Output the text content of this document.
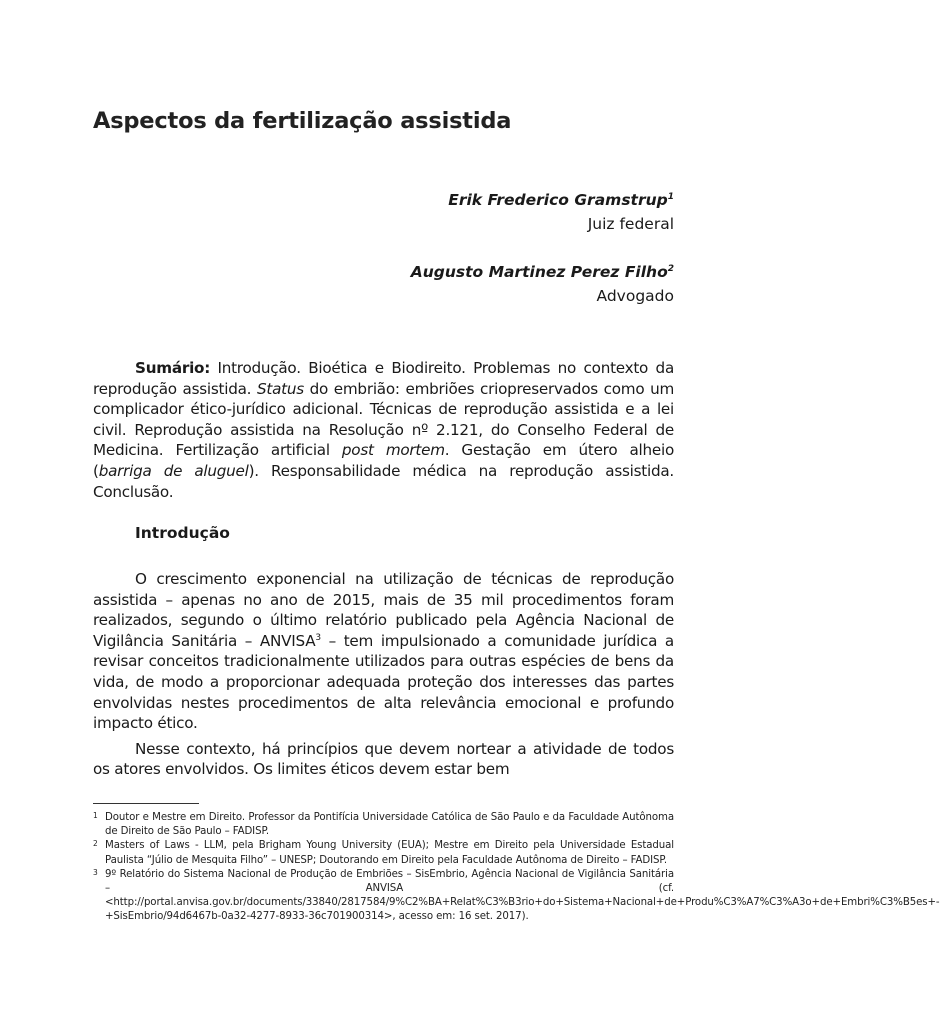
Aspectos da fertilização assistida
Erik Frederico Gramstrup$^1$
Juiz federal
Augusto Martinez Perez Filho$^2$
Advogado

Sumário: Introdução. Bioética e Biodireito. Problemas no contexto da reprodução assistida. Status do embrião: embriões criopreservados como um complicador ético-jurídico adicional. Técnicas de reprodução assistida e a lei civil. Reprodução assistida na Resolução nº 2.121, do Conselho Federal de Medicina. Fertilização artificial post mortem. Gestação em útero alheio (barriga de aluguel). Responsabilidade médica na reprodução assistida. Conclusão.

Introdução

O crescimento exponencial na utilização de técnicas de reprodução assistida – apenas no ano de 2015, mais de 35 mil procedimentos foram realizados, segundo o último relatório publicado pela Agência Nacional de Vigilância Sanitária – ANVISA$^3$ – tem impulsionado a comunidade jurídica a revisar conceitos tradicionalmente utilizados para outras espécies de bens da vida, de modo a proporcionar adequada proteção dos interesses das partes envolvidas nestes procedimentos de alta relevância emocional e profundo impacto ético.

Nesse contexto, há princípios que devem nortear a atividade de todos os atores envolvidos. Os limites éticos devem estar bem

1 Doutor e Mestre em Direito. Professor da Pontifícia Universidade Católica de São Paulo e da Faculdade Autônoma de Direito de São Paulo – FADISP.
2 Masters of Laws - LLM, pela Brigham Young University (EUA); Mestre em Direito pela Universidade Estadual Paulista “Júlio de Mesquita Filho” – UNESP; Doutorando em Direito pela Faculdade Autônoma de Direito – FADISP.
3 9º Relatório do Sistema Nacional de Produção de Embriões – SisEmbrio, Agência Nacional de Vigilância Sanitária – ANVISA (cf. <http://portal.anvisa.gov.br/documents/33840/2817584/9%C2%BA+Relat%C3%B3rio+do+Sistema+Nacional+de+Produ%C3%A7%C3%A3o+de+Embri%C3%B5es+-+SisEmbrio/94d6467b-0a32-4277-8933-36c701900314>, acesso em: 16 set. 2017).
